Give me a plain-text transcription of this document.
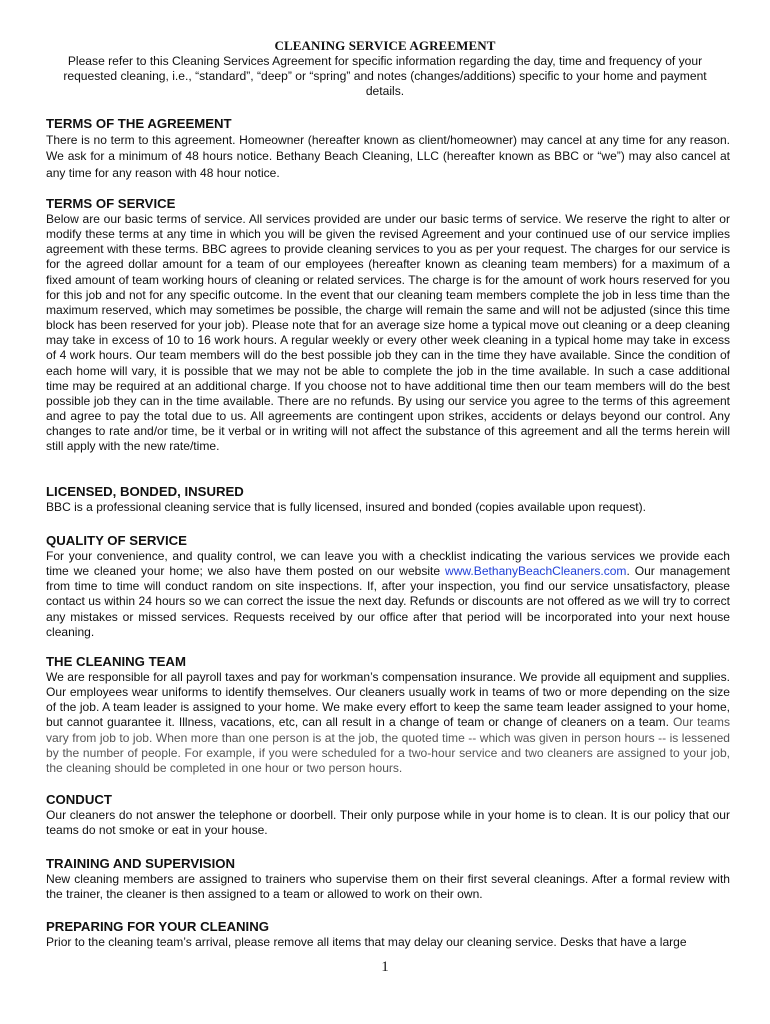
CLEANING SERVICE AGREEMENT
Please refer to this Cleaning Services Agreement for specific information regarding the day, time and frequency of your requested cleaning, i.e., “standard”, “deep” or “spring” and notes (changes/additions) specific to your home and payment details.
TERMS OF THE AGREEMENT

There is no term to this agreement. Homeowner (hereafter known as client/homeowner) may cancel at any time for any reason. We ask for a minimum of 48 hours notice. Bethany Beach Cleaning, LLC (hereafter known as BBC or “we”) may also cancel at any time for any reason with 48 hour notice.

TERMS OF SERVICE

Below are our basic terms of service. All services provided are under our basic terms of service. We reserve the right to alter or modify these terms at any time in which you will be given the revised Agreement and your continued use of our service implies agreement with these terms. BBC agrees to provide cleaning services to you as per your request. The charges for our service is for the agreed dollar amount for a team of our employees (hereafter known as cleaning team members) for a maximum of a fixed amount of team working hours of cleaning or related services. The charge is for the amount of work hours reserved for you for this job and not for any specific outcome. In the event that our cleaning team members complete the job in less time than the maximum reserved, which may sometimes be possible, the charge will remain the same and will not be adjusted (since this time block has been reserved for your job). Please note that for an average size home a typical move out cleaning or a deep cleaning may take in excess of 10 to 16 work hours. A regular weekly or every other week cleaning in a typical home may take in excess of 4 work hours. Our team members will do the best possible job they can in the time they have available. Since the condition of each home will vary, it is possible that we may not be able to complete the job in the time available. In such a case additional time may be required at an additional charge. If you choose not to have additional time then our team members will do the best possible job they can in the time available. There are no refunds. By using our service you agree to the terms of this agreement and agree to pay the total due to us. All agreements are contingent upon strikes, accidents or delays beyond our control. Any changes to rate and/or time, be it verbal or in writing will not affect the substance of this agreement and all the terms herein will still apply with the new rate/time.

LICENSED, BONDED, INSURED

BBC is a professional cleaning service that is fully licensed, insured and bonded (copies available upon request).

QUALITY OF SERVICE

For your convenience, and quality control, we can leave you with a checklist indicating the various services we provide each time we cleaned your home; we also have them posted on our website www.BethanyBeachCleaners.com. Our management from time to time will conduct random on site inspections. If, after your inspection, you find our service unsatisfactory, please contact us within 24 hours so we can correct the issue the next day. Refunds or discounts are not offered as we will try to correct any mistakes or missed services. Requests received by our office after that period will be incorporated into your next house cleaning.

THE CLEANING TEAM

We are responsible for all payroll taxes and pay for workman’s compensation insurance. We provide all equipment and supplies. Our employees wear uniforms to identify themselves. Our cleaners usually work in teams of two or more depending on the size of the job. A team leader is assigned to your home. We make every effort to keep the same team leader assigned to your home, but cannot guarantee it. Illness, vacations, etc, can all result in a change of team or change of cleaners on a team. Our teams vary from job to job. When more than one person is at the job, the quoted time -- which was given in person hours -- is lessened by the number of people. For example, if you were scheduled for a two-hour service and two cleaners are assigned to your job, the cleaning should be completed in one hour or two person hours.

CONDUCT

Our cleaners do not answer the telephone or doorbell. Their only purpose while in your home is to clean. It is our policy that our teams do not smoke or eat in your house.

TRAINING AND SUPERVISION

New cleaning members are assigned to trainers who supervise them on their first several cleanings. After a formal review with the trainer, the cleaner is then assigned to a team or allowed to work on their own.

PREPARING FOR YOUR CLEANING

Prior to the cleaning team’s arrival, please remove all items that may delay our cleaning service. Desks that have a large

1
